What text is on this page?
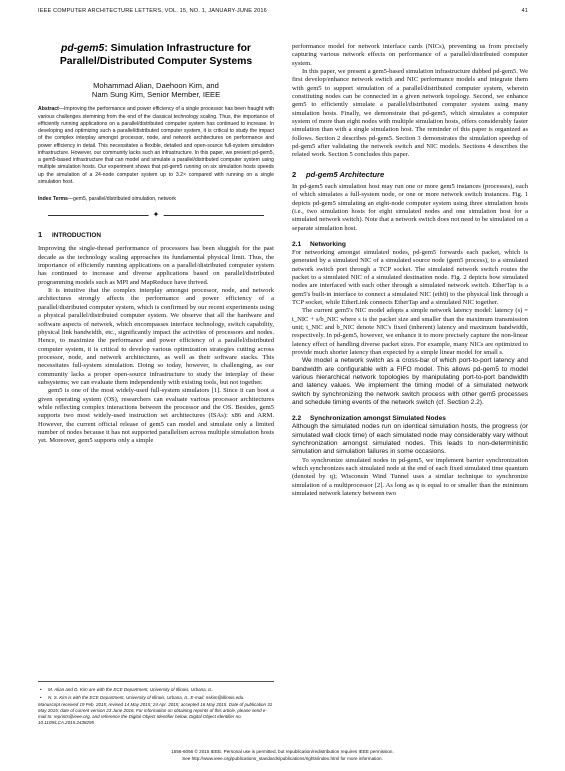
IEEE COMPUTER ARCHITECTURE LETTERS, VOL. 15, NO. 1, JANUARY-JUNE 2016	41
pd-gem5: Simulation Infrastructure for
Parallel/Distributed Computer Systems
Mohammad Alian, Daehoon Kim, and
Nam Sung Kim, Senior Member, IEEE
Abstract—Improving the performance and power efficiency of a single processor has been fraught with various challenges stemming from the end of the classical technology scaling. Thus, the importance of efficiently running applications on a parallel/distributed computer system has continued to increase. In developing and optimizing such a parallel/distributed computer system, it is critical to study the impact of the complex interplay amongst processor, node, and network architectures on performance and power efficiency in detail. This necessitates a flexible, detailed and open-source full-system simulation infrastructure. However, our community lacks such an infrastructure. In this paper, we present pd-gem5, a gem5-based infrastructure that can model and simulate a parallel/distributed computer system using multiple simulation hosts. Our experiment shows that pd-gem5 running on six simulation hosts speeds up the simulation of a 24-node computer system up to 3.2× compared with running on a single simulation host.
Index Terms—gem5, parallel/distributed simulation, network
✦
1 INTRODUCTION

Improving the single-thread performance of processors has been sluggish for the past decade as the technology scaling approaches its fundamental physical limit. Thus, the importance of efficiently running applications on a parallel/distributed computer system has continued to increase and diverse applications based on parallel/distributed programming models such as MPI and MapReduce have thrived.

It is intuitive that the complex interplay amongst processor, node, and network architectures strongly affects the performance and power efficiency of a parallel/distributed computer system, which is confirmed by our recent experiments using a physical parallel/distributed computer system. We observe that all the hardware and software aspects of network, which encompasses interface technology, switch capability, physical link bandwidth, etc., significantly impact the activities of processors and nodes. Hence, to maximize the performance and power efficiency of a parallel/distributed computer system, it is critical to develop various optimization strategies cutting across processor, node, and network architectures, as well as their software stacks. This necessitates full-system simulation. Doing so today, however, is challenging, as our community lacks a proper open-source infrastructure to study the interplay of these subsystems; we can evaluate them independently with existing tools, but not together.

gem5 is one of the most widely-used full-system simulators [1]. Since it can boot a given operating system (OS), researchers can evaluate various processor architectures while reflecting complex interactions between the processor and the OS. Besides, gem5 supports two most widely-used instruction set architectures (ISAs): x86 and ARM. However, the current official release of gem5 can model and simulate only a limited number of nodes because it has not supported parallelism across multiple simulation hosts yet. Moreover, gem5 supports only a simple

• M. Alian and D. Kim are with the ECE Department, University of Illinois, Urbana, IL.
• N. S. Kim is with the ECE Department, University of Illinois, Urbana, IL. E-mail: nskim@illinois.edu.
Manuscript received 19 Feb. 2015; revised 14 May 2015; 24 Apr. 2015; accepted 16 May 2015. Date of publication 31 May 2015; date of current version 23 June 2016. For information on obtaining reprints of this article, please send e-mail to: reprints@ieee.org, and reference the Digital Object Identifier below. Digital Object Identifier no. 10.1109/LCA.2015.2438295

performance model for network interface cards (NICs), preventing us from precisely capturing various network effects on performance of a parallel/distributed computer system.

In this paper, we present a gem5-based simulation infrastructure dubbed pd-gem5. We first develop/enhance network switch and NIC performance models and integrate them with gem5 to support simulation of a parallel/distributed computer system, wherein constituting nodes can be connected in a given network topology. Second, we enhance gem5 to efficiently simulate a parallel/distributed computer system using many simulation hosts. Finally, we demonstrate that pd-gem5, which simulates a computer system of more than eight nodes with multiple simulation hosts, offers considerably faster simulation than with a single simulation host. The reminder of this paper is organized as follows. Section 2 describes pd-gem5. Section 3 demonstrates the simulation speedup of pd-gem5 after validating the network switch and NIC models. Sections 4 describes the related work. Section 5 concludes this paper.

2 pd-gem5 Architecture

In pd-gem5 each simulation host may run one or more gem5 instances (processes), each of which simulates a full-system node, or one or more network switch instances. Fig. 1 depicts pd-gem5 simulating an eight-node computer system using three simulation hosts (i.e., two simulation hosts for eight simulated nodes and one simulation host for a simulated network switch). Note that a network switch does not need to be simulated on a separate simulation host.

2.1 Networking

For networking amongst simulated nodes, pd-gem5 forwards each packet, which is generated by a simulated NIC of a simulated source node (gem5 process), to a simulated network switch port through a TCP socket. The simulated network switch routes the packet to a simulated NIC of a simulated destination node. Fig. 2 depicts how simulated nodes are interfaced with each other through a simulated network switch. EtherTap is a gem5's built-in interface to connect a simulated NIC (eth0) to the physical link through a TCP socket, while EtherLink connects EtherTap and a simulated NIC together.

The current gem5's NIC model adopts a simple network latency model: latency (s) = t_NIC + s/b_NIC where s is the packet size and smaller than the maximum transmission unit; t_NIC and b_NIC denote NIC's fixed (inherent) latency and maximum bandwidth, respectively. In pd-gem5, however, we enhance it to more precisely capture the non-linear latency effect of handling diverse packet sizes. For example, many NICs are optimized to provide much shorter latency than expected by a simple linear model for small s.

We model a network switch as a cross-bar of which port-to-port latency and bandwidth are configurable with a FIFO model. This allows pd-gem5 to model various hierarchical network topologies by manipulating port-to-port bandwidth and latency values. We implement the timing model of a simulated network switch by synchronizing the network switch process with other gem5 processes and schedule timing events of the network switch (cf. Section 2.2).

2.2 Synchronization amongst Simulated Nodes

Although the simulated nodes run on identical simulation hosts, the progress (or simulated wall clock time) of each simulated node may considerably vary without synchronization amongst simulated nodes. This leads to non-deterministic simulation and simulation failures in some occasions.

To synchronize simulated nodes in pd-gem5, we implement barrier synchronization which synchronizes each simulated node at the end of each fixed simulated time quantum (denoted by q); Wisconsin Wind Tunnel uses a similar technique to synchronize simulation of a multiprocessor [2]. As long as q is equal to or smaller than the minimum simulated network latency between two

1556-6056 © 2015 IEEE. Personal use is permitted, but republication/redistribution requires IEEE permission.
See http://www.ieee.org/publications_standards/publications/rights/index.html for more information.
